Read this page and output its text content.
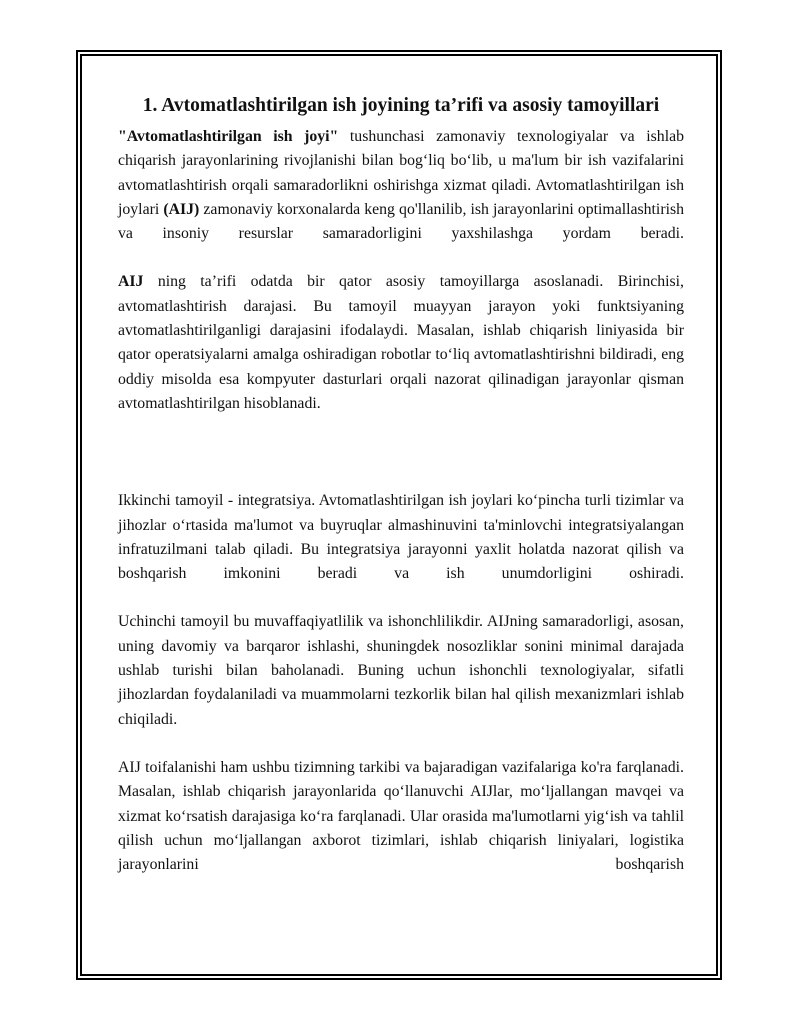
1. Avtomatlashtirilgan ish joyining ta’rifi va asosiy tamoyillari

"Avtomatlashtirilgan ish joyi" tushunchasi zamonaviy texnologiyalar va ishlab chiqarish jarayonlarining rivojlanishi bilan bog‘liq bo‘lib, u ma'lum bir ish vazifalarini avtomatlashtirish orqali samaradorlikni oshirishga xizmat qiladi. Avtomatlashtirilgan ish joylari (AIJ) zamonaviy korxonalarda keng qo'llanilib, ish jarayonlarini optimallashtirish va insoniy resurslar samaradorligini yaxshilashga yordam beradi.

AIJ ning ta’rifi odatda bir qator asosiy tamoyillarga asoslanadi. Birinchisi, avtomatlashtirish darajasi. Bu tamoyil muayyan jarayon yoki funktsiyaning avtomatlashtirilganligi darajasini ifodalaydi. Masalan, ishlab chiqarish liniyasida bir qator operatsiyalarni amalga oshiradigan robotlar to‘liq avtomatlashtirishni bildiradi, eng oddiy misolda esa kompyuter dasturlari orqali nazorat qilinadigan jarayonlar qisman avtomatlashtirilgan hisoblanadi.

Ikkinchi tamoyil - integratsiya. Avtomatlashtirilgan ish joylari ko‘pincha turli tizimlar va jihozlar o‘rtasida ma'lumot va buyruqlar almashinuvini ta'minlovchi integratsiyalangan infratuzilmani talab qiladi. Bu integratsiya jarayonni yaxlit holatda nazorat qilish va boshqarish imkonini beradi va ish unumdorligini oshiradi.

Uchinchi tamoyil bu muvaffaqiyatlilik va ishonchlilikdir. AIJning samaradorligi, asosan, uning davomiy va barqaror ishlashi, shuningdek nosozliklar sonini minimal darajada ushlab turishi bilan baholanadi. Buning uchun ishonchli texnologiyalar, sifatli jihozlardan foydalaniladi va muammolarni tezkorlik bilan hal qilish mexanizmlari ishlab chiqiladi.

AIJ toifalanishi ham ushbu tizimning tarkibi va bajaradigan vazifalariga ko'ra farqlanadi. Masalan, ishlab chiqarish jarayonlarida qo‘llanuvchi AIJlar, mo‘ljallangan mavqei va xizmat ko‘rsatish darajasiga ko‘ra farqlanadi. Ular orasida ma'lumotlarni yig‘ish va tahlil qilish uchun mo‘ljallangan axborot tizimlari, ishlab chiqarish liniyalari, logistika jarayonlarini boshqarish
